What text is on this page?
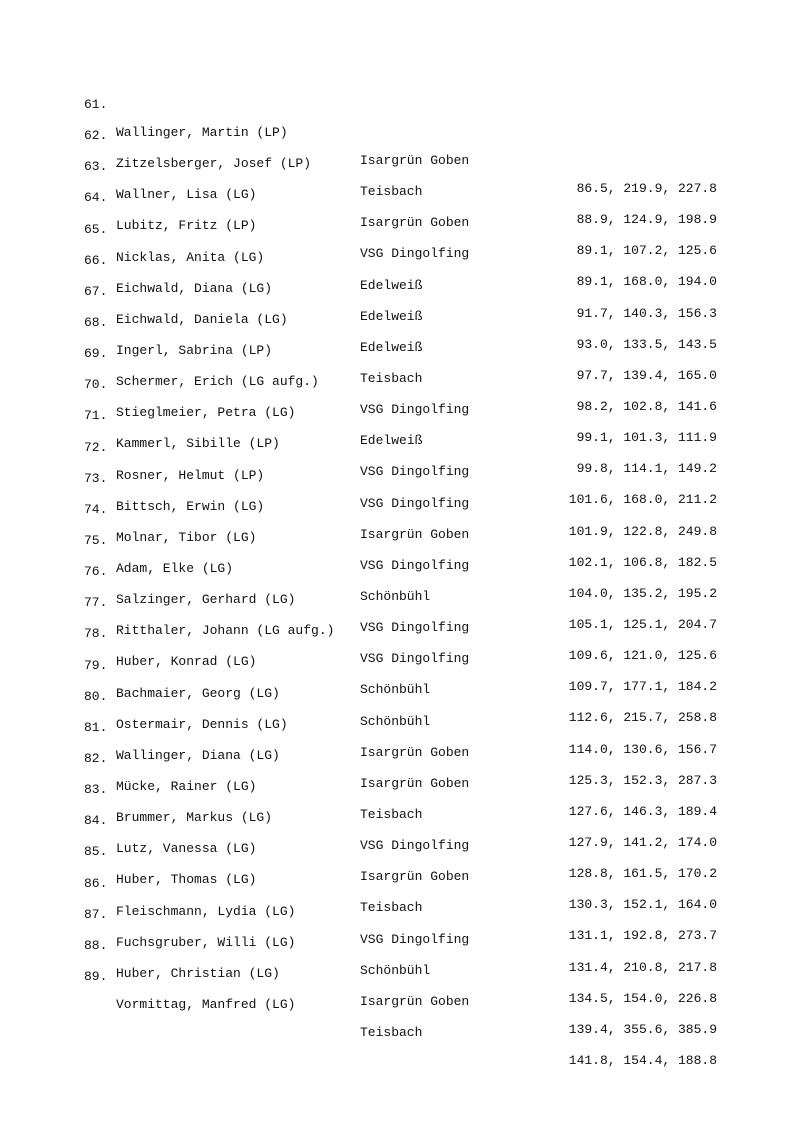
61.

Wallinger, Martin (LP)

Isargrün Goben

86.5, 219.9, 227.8

62.

Zitzelsberger, Josef (LP)

Teisbach

88.9, 124.9, 198.9

63.

Wallner, Lisa (LG)

Isargrün Goben

89.1, 107.2, 125.6

64.

Lubitz, Fritz (LP)

VSG Dingolfing

89.1, 168.0, 194.0

65.

Nicklas, Anita (LG)

Edelweiß

91.7, 140.3, 156.3

66.

Eichwald, Diana (LG)

Edelweiß

93.0, 133.5, 143.5

67.

Eichwald, Daniela (LG)

Edelweiß

97.7, 139.4, 165.0

68.

Ingerl, Sabrina (LP)

Teisbach

98.2, 102.8, 141.6

69.

Schermer, Erich (LG aufg.)

VSG Dingolfing

99.1, 101.3, 111.9

70.

Stieglmeier, Petra (LG)

Edelweiß

99.8, 114.1, 149.2

71.

Kammerl, Sibille (LP)

VSG Dingolfing

101.6, 168.0, 211.2

72.

Rosner, Helmut (LP)

VSG Dingolfing

101.9, 122.8, 249.8

73.

Bittsch, Erwin (LG)

Isargrün Goben

102.1, 106.8, 182.5

74.

Molnar, Tibor (LG)

VSG Dingolfing

104.0, 135.2, 195.2

75.

Adam, Elke (LG)

Schönbühl

105.1, 125.1, 204.7

76.

Salzinger, Gerhard (LG)

VSG Dingolfing

109.6, 121.0, 125.6

77.

Ritthaler, Johann (LG aufg.)

VSG Dingolfing

109.7, 177.1, 184.2

78.

Huber, Konrad (LG)

Schönbühl

112.6, 215.7, 258.8

79.

Bachmaier, Georg (LG)

Schönbühl

114.0, 130.6, 156.7

80.

Ostermair, Dennis (LG)

Isargrün Goben

125.3, 152.3, 287.3

81.

Wallinger, Diana (LG)

Isargrün Goben

127.6, 146.3, 189.4

82.

Mücke, Rainer (LG)

Teisbach

127.9, 141.2, 174.0

83.

Brummer, Markus (LG)

VSG Dingolfing

128.8, 161.5, 170.2

84.

Lutz, Vanessa (LG)

Isargrün Goben

130.3, 152.1, 164.0

85.

Huber, Thomas (LG)

Teisbach

131.1, 192.8, 273.7

86.

Fleischmann, Lydia (LG)

VSG Dingolfing

131.4, 210.8, 217.8

87.

Fuchsgruber, Willi (LG)

Schönbühl

134.5, 154.0, 226.8

88.

Huber, Christian (LG)

Isargrün Goben

139.4, 355.6, 385.9

89.

Vormittag, Manfred (LG)

Teisbach

141.8, 154.4, 188.8
